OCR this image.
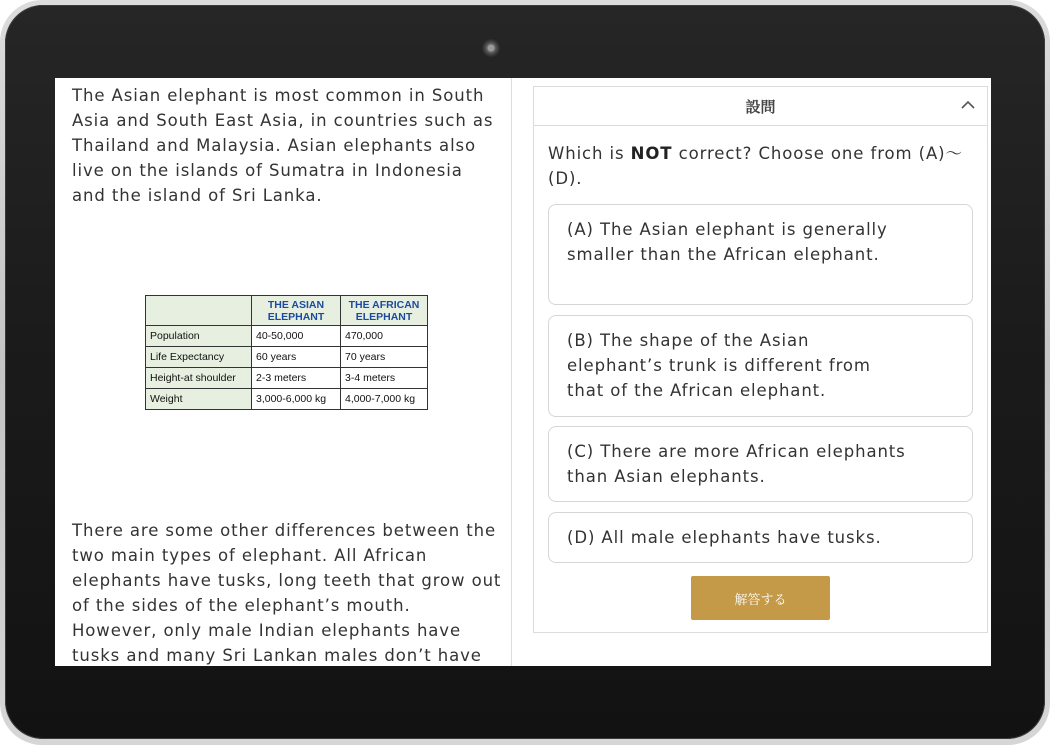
The Asian elephant is most common in South Asia and South East Asia, in countries such as Thailand and Malaysia. Asian elephants also live on the islands of Sumatra in Indonesia and the island of Sri Lanka.

	THE ASIAN ELEPHANT	THE AFRICAN ELEPHANT
Population	40-50,000	470,000
Life Expectancy	60 years	70 years
Height-at shoulder	2-3 meters	3-4 meters
Weight	3,000-6,000 kg	4,000-7,000 kg

There are some other differences between the two main types of elephant. All African elephants have tusks, long teeth that grow out of the sides of the elephant’s mouth. However, only male Indian elephants have tusks and many Sri Lankan males don’t have

設問

Which is NOT correct? Choose one from (A)～(D).

(A) The Asian elephant is generally smaller than the African elephant.
(B) The shape of the Asian elephant’s trunk is different from that of the African elephant.
(C) There are more African elephants than Asian elephants.
(D) All male elephants have tusks.
解答する
